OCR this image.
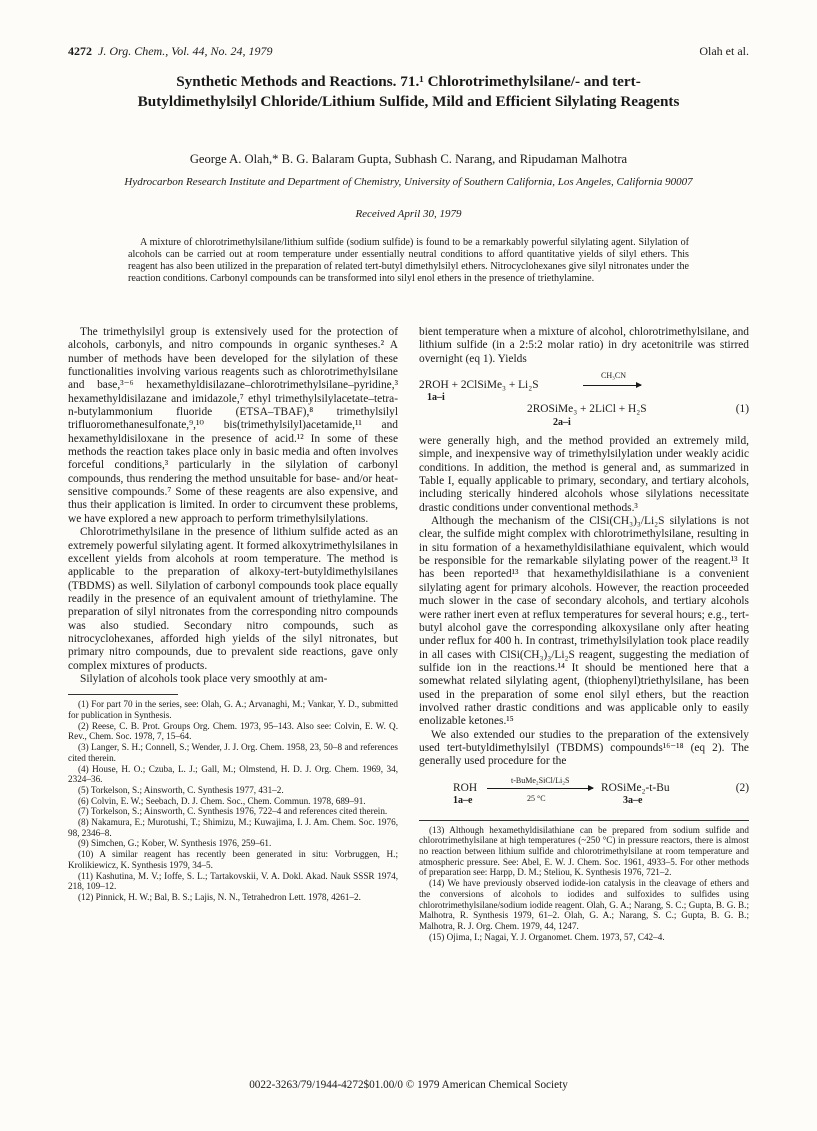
4272 J. Org. Chem., Vol. 44, No. 24, 1979	Olah et al.
Synthetic Methods and Reactions. 71.¹ Chlorotrimethylsilane/- and tert-Butyldimethylsilyl Chloride/Lithium Sulfide, Mild and Efficient Silylating Reagents
George A. Olah,* B. G. Balaram Gupta, Subhash C. Narang, and Ripudaman Malhotra
Hydrocarbon Research Institute and Department of Chemistry, University of Southern California, Los Angeles, California 90007
Received April 30, 1979
A mixture of chlorotrimethylsilane/lithium sulfide (sodium sulfide) is found to be a remarkably powerful silylating agent. Silylation of alcohols can be carried out at room temperature under essentially neutral conditions to afford quantitative yields of silyl ethers. This reagent has also been utilized in the preparation of related tert-butyl dimethylsilyl ethers. Nitrocyclohexanes give silyl nitronates under the reaction conditions. Carbonyl compounds can be transformed into silyl enol ethers in the presence of triethylamine.

The trimethylsilyl group is extensively used for the protection of alcohols, carbonyls, and nitro compounds in organic syntheses.² A number of methods have been developed for the silylation of these functionalities involving various reagents such as chlorotrimethylsilane and base,³⁻⁶ hexamethyldisilazane–chlorotrimethylsilane–pyridine,³ hexamethyldisilazane and imidazole,⁷ ethyl trimethylsilylacetate–tetra-n-butylammonium fluoride (ETSA–TBAF),⁸ trimethylsilyl trifluoromethanesulfonate,⁹,¹⁰ bis(trimethylsilyl)acetamide,¹¹ and hexamethyldisiloxane in the presence of acid.¹² In some of these methods the reaction takes place only in basic media and often involves forceful conditions,³ particularly in the silylation of carbonyl compounds, thus rendering the method unsuitable for base- and/or heat-sensitive compounds.⁷ Some of these reagents are also expensive, and thus their application is limited. In order to circumvent these problems, we have explored a new approach to perform trimethylsilylations.

Chlorotrimethylsilane in the presence of lithium sulfide acted as an extremely powerful silylating agent. It formed alkoxytrimethylsilanes in excellent yields from alcohols at room temperature. The method is applicable to the preparation of alkoxy-tert-butyldimethylsilanes (TBDMS) as well. Silylation of carbonyl compounds took place equally readily in the presence of an equivalent amount of triethylamine. The preparation of silyl nitronates from the corresponding nitro compounds was also studied. Secondary nitro compounds, such as nitrocyclohexanes, afforded high yields of the silyl nitronates, but primary nitro compounds, due to prevalent side reactions, gave only complex mixtures of products.

Silylation of alcohols took place very smoothly at am-

(1) For part 70 in the series, see: Olah, G. A.; Arvanaghi, M.; Vankar, Y. D., submitted for publication in Synthesis.
(2) Reese, C. B. Prot. Groups Org. Chem. 1973, 95–143. Also see: Colvin, E. W. Q. Rev., Chem. Soc. 1978, 7, 15–64.
(3) Langer, S. H.; Connell, S.; Wender, J. J. Org. Chem. 1958, 23, 50–8 and references cited therein.
(4) House, H. O.; Czuba, L. J.; Gall, M.; Olmstend, H. D. J. Org. Chem. 1969, 34, 2324–36.
(5) Torkelson, S.; Ainsworth, C. Synthesis 1977, 431–2.
(6) Colvin, E. W.; Seebach, D. J. Chem. Soc., Chem. Commun. 1978, 689–91.
(7) Torkelson, S.; Ainsworth, C. Synthesis 1976, 722–4 and references cited therein.
(8) Nakamura, E.; Murotushi, T.; Shimizu, M.; Kuwajima, I. J. Am. Chem. Soc. 1976, 98, 2346–8.
(9) Simchen, G.; Kober, W. Synthesis 1976, 259–61.
(10) A similar reagent has recently been generated in situ: Vorbruggen, H.; Krolikiewicz, K. Synthesis 1979, 34–5.
(11) Kashutina, M. V.; Ioffe, S. L.; Tartakovskii, V. A. Dokl. Akad. Nauk SSSR 1974, 218, 109–12.
(12) Pinnick, H. W.; Bal, B. S.; Lajis, N. N., Tetrahedron Lett. 1978, 4261–2.

bient temperature when a mixture of alcohol, chlorotrimethylsilane, and lithium sulfide (in a 2:5:2 molar ratio) in dry acetonitrile was stirred overnight (eq 1). Yields

2ROH + 2ClSiMe₃ + Li₂S
1a–i
CH₃CN
2ROSiMe₃ + 2LiCl + H₂S
2a–i
(1)

were generally high, and the method provided an extremely mild, simple, and inexpensive way of trimethylsilylation under weakly acidic conditions. In addition, the method is general and, as summarized in Table I, equally applicable to primary, secondary, and tertiary alcohols, including sterically hindered alcohols whose silylations necessitate drastic conditions under conventional methods.³

Although the mechanism of the ClSi(CH₃)₃/Li₂S silylations is not clear, the sulfide might complex with chlorotrimethylsilane, resulting in in situ formation of a hexamethyldisilathiane equivalent, which would be responsible for the remarkable silylating power of the reagent.¹³ It has been reported¹³ that hexamethyldisilathiane is a convenient silylating agent for primary alcohols. However, the reaction proceeded much slower in the case of secondary alcohols, and tertiary alcohols were rather inert even at reflux temperatures for several hours; e.g., tert-butyl alcohol gave the corresponding alkoxysilane only after heating under reflux for 400 h. In contrast, trimethylsilylation took place readily in all cases with ClSi(CH₃)₃/Li₂S reagent, suggesting the mediation of sulfide ion in the reactions.¹⁴ It should be mentioned here that a somewhat related silylating agent, (thiophenyl)triethylsilane, has been used in the preparation of some enol silyl ethers, but the reaction involved rather drastic conditions and was applicable only to easily enolizable ketones.¹⁵

We also extended our studies to the preparation of the extensively used tert-butyldimethylsilyl (TBDMS) compounds¹⁶⁻¹⁸ (eq 2). The generally used procedure for the

ROH
1a–e
t-BuMe₂SiCl/Li₂S
25 °C
ROSiMe₂-t-Bu
3a–e
(2)
(13) Although hexamethyldisilathiane can be prepared from sodium sulfide and chlorotrimethylsilane at high temperatures (~250 °C) in pressure reactors, there is almost no reaction between lithium sulfide and chlorotrimethylsilane at room temperature and atmospheric pressure. See: Abel, E. W. J. Chem. Soc. 1961, 4933–5. For other methods of preparation see: Harpp, D. M.; Steliou, K. Synthesis 1976, 721–2.
(14) We have previously observed iodide-ion catalysis in the cleavage of ethers and the conversions of alcohols to iodides and sulfoxides to sulfides using chlorotrimethylsilane/sodium iodide reagent. Olah, G. A.; Narang, S. C.; Gupta, B. G. B.; Malhotra, R. Synthesis 1979, 61–2. Olah, G. A.; Narang, S. C.; Gupta, B. G. B.; Malhotra, R. J. Org. Chem. 1979, 44, 1247.
(15) Ojima, I.; Nagai, Y. J. Organomet. Chem. 1973, 57, C42–4.
0022-3263/79/1944-4272$01.00/0 © 1979 American Chemical Society
